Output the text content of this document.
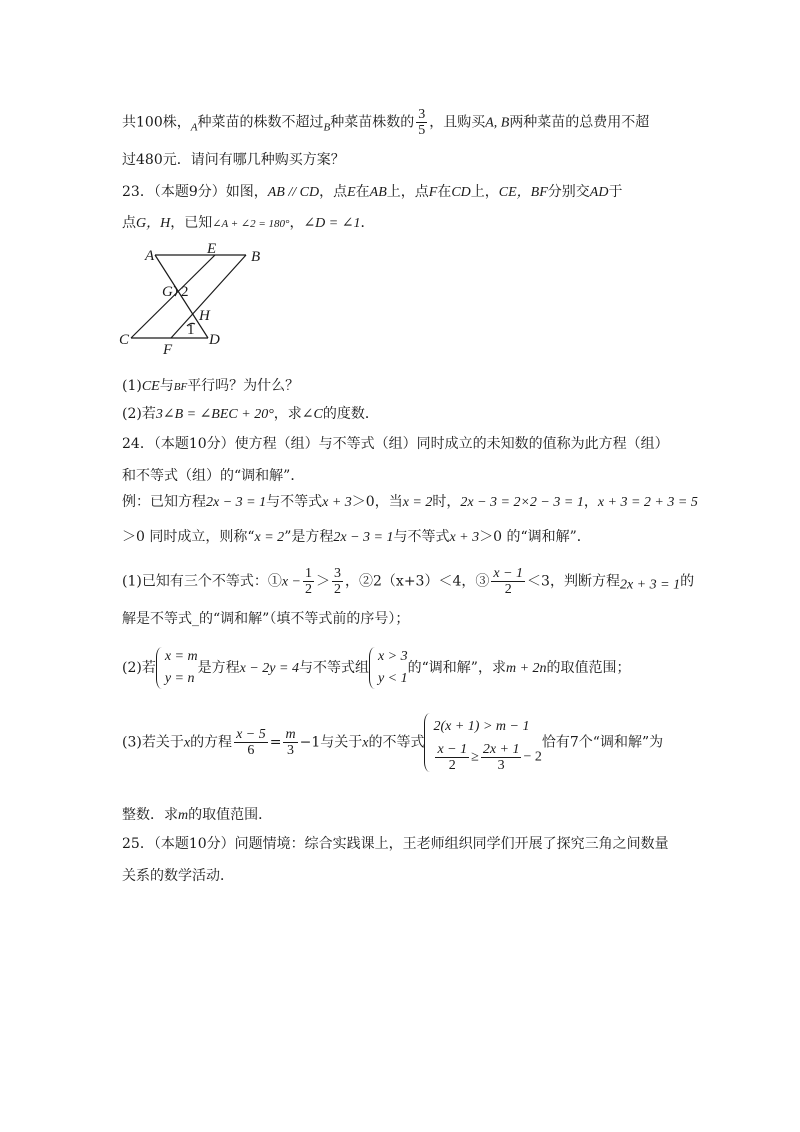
共100株，$_A$种菜苗的株数不超过$_B$种菜苗株数的 $\frac{3}{5}$ ，且购买A, B两种菜苗的总费用不超
过480元．请问有哪几种购买方案？
23．（本题9分）如图，AB // CD，点E在AB上，点F在CD上，CE，BF分别交AD于
点G，H，已知∠A + ∠2 = 180°，∠D = ∠1．
A	E B
G 2
H
1
C
F
D
(1)CE与BF平行吗？为什么？
(2)若3∠B = ∠BEC + 20°，求∠C的度数．
24．（本题10分）使方程（组）与不等式（组）同时成立的未知数的值称为此方程（组）
和不等式（组）的“调和解”．
例：已知方程2x − 3 = 1与不等式x + 3＞0，当x = 2时，2x − 3 = 2×2 − 3 = 1，x + 3 = 2 + 3 = 5
＞0 同时成立，则称“x = 2”是方程2x − 3 = 1与不等式x + 3＞0 的“调和解”．
(1)已知有三个不等式：①x − $\frac{1}{2} > \frac{3}{2}$ ，②2（x+3）＜4，③ $\frac{x - 1}{2} <3$，判断方程2x + 3 = 1的
解是不等式_的“调和解”（填不等式前的序号）；
(2)若
x = m
y = n
是方程x − 2y = 4与不等式组
x > 3
y < 1
的“调和解”，求m + 2n的取值范围；
(3)若关于x的方程 $\frac{x - 5}{6} = \frac{m}{3} -1$与关于x的不等式
2(x + 1) > m − 1
$\frac{x - 1}{2} \ge \frac{2x + 1}{3} - 2$
恰有7个“调和解”为
整数．求m的取值范围．
25．（本题10分）问题情境：综合实践课上，王老师组织同学们开展了探究三角之间数量
关系的数学活动．
